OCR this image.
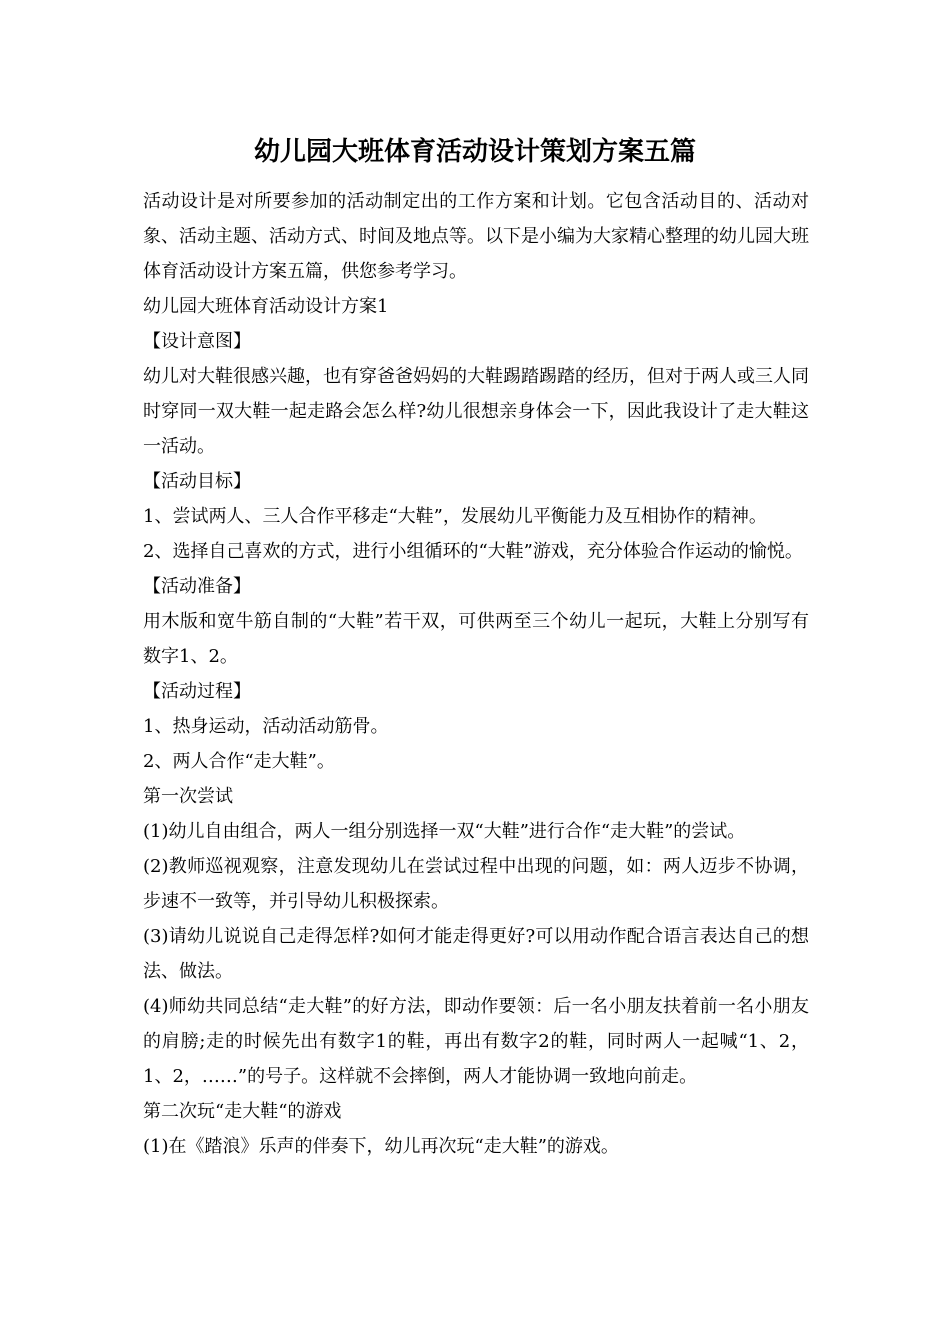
幼儿园大班体育活动设计策划方案五篇

活动设计是对所要参加的活动制定出的工作方案和计划。它包含活动目的、活动对象、活动主题、活动方式、时间及地点等。以下是小编为大家精心整理的幼儿园大班体育活动设计方案五篇，供您参考学习。

幼儿园大班体育活动设计方案1

【设计意图】

幼儿对大鞋很感兴趣，也有穿爸爸妈妈的大鞋踢踏踢踏的经历，但对于两人或三人同时穿同一双大鞋一起走路会怎么样?幼儿很想亲身体会一下，因此我设计了走大鞋这一活动。

【活动目标】

1、尝试两人、三人合作平移走“大鞋”，发展幼儿平衡能力及互相协作的精神。

2、选择自己喜欢的方式，进行小组循环的“大鞋”游戏，充分体验合作运动的愉悦。

【活动准备】

用木版和宽牛筋自制的“大鞋”若干双，可供两至三个幼儿一起玩，大鞋上分别写有数字1、2。

【活动过程】

1、热身运动，活动活动筋骨。

2、两人合作“走大鞋”。

第一次尝试

(1)幼儿自由组合，两人一组分别选择一双“大鞋”进行合作“走大鞋”的尝试。

(2)教师巡视观察，注意发现幼儿在尝试过程中出现的问题，如：两人迈步不协调，步速不一致等，并引导幼儿积极探索。

(3)请幼儿说说自己走得怎样?如何才能走得更好?可以用动作配合语言表达自己的想法、做法。

(4)师幼共同总结“走大鞋”的好方法，即动作要领：后一名小朋友扶着前一名小朋友的肩膀;走的时候先出有数字1的鞋，再出有数字2的鞋，同时两人一起喊“1、2，1、2，……”的号子。这样就不会摔倒，两人才能协调一致地向前走。

第二次玩“走大鞋“的游戏

(1)在《踏浪》乐声的伴奏下，幼儿再次玩“走大鞋”的游戏。
